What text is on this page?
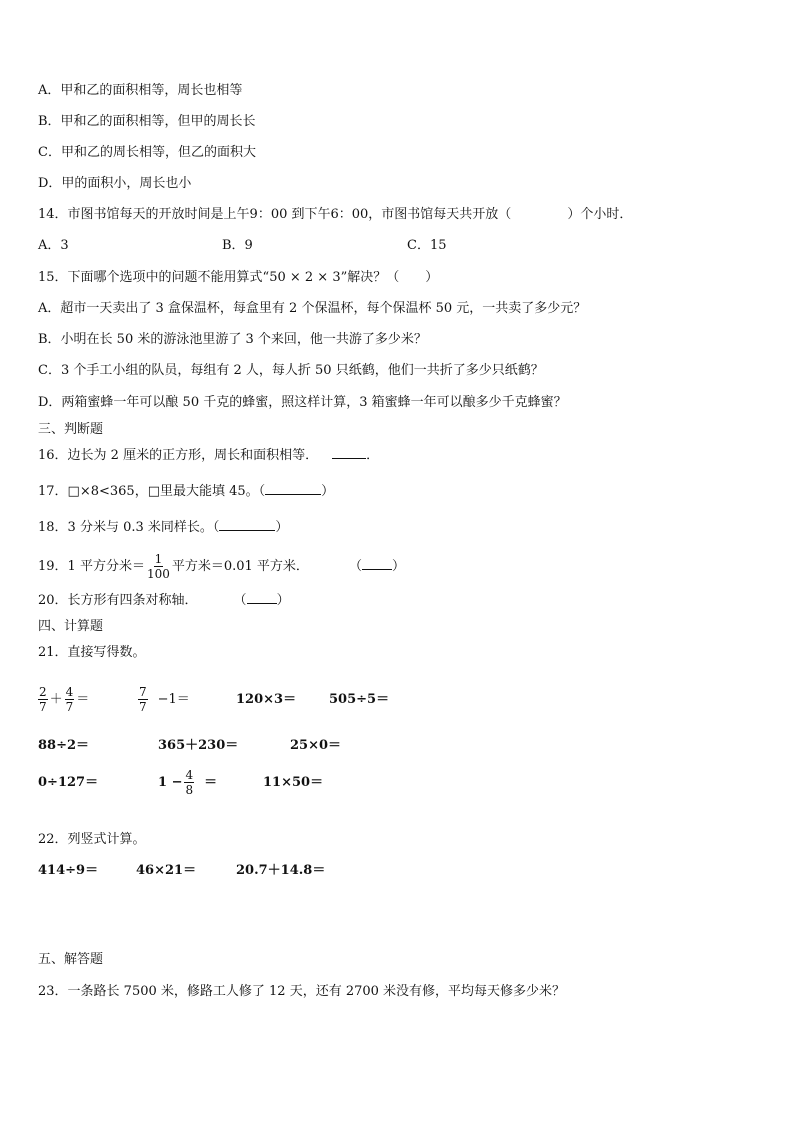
A．甲和乙的面积相等，周长也相等
B．甲和乙的面积相等，但甲的周长长
C．甲和乙的周长相等，但乙的面积大
D．甲的面积小，周长也小
14．市图书馆每天的开放时间是上午9：00 到下午6：00，市图书馆每天共开放（	）个小时．
A．3	B．9	C．15
15．下面哪个选项中的问题不能用算式“50 × 2 × 3”解决？（　　）
A．超市一天卖出了 3 盒保温杯，每盒里有 2 个保温杯，每个保温杯 50 元，一共卖了多少元？
B．小明在长 50 米的游泳池里游了 3 个来回，他一共游了多少米？
C．3 个手工小组的队员，每组有 2 人，每人折 50 只纸鹤，他们一共折了多少只纸鹤？
D．两箱蜜蜂一年可以酿 50 千克的蜂蜜，照这样计算，3 箱蜜蜂一年可以酿多少千克蜂蜜？
三、判断题
16．边长为 2 厘米的正方形，周长和面积相等．	．
17．□×8<365，□里最大能填 45。（	）
18．3 分米与 0.3 米同样长。（	）
19．1 平方分米＝ $\frac{1}{100}$ 平方米＝0.01 平方米．	（ ）
20．长方形有四条对称轴．	（ ）
四、计算题
21．直接写得数。
$\frac{2}{7} + \frac{4}{7}$ ＝	$\frac{7}{7} -1=$	120×3＝	505÷5＝
88÷2＝	365＋230＝	25×0＝
0÷127＝	$1 - \frac{4}{8}$ ＝	11×50＝
22．列竖式计算。
414÷9＝	46×21＝	20.7＋14.8＝
五、解答题
23．一条路长 7500 米，修路工人修了 12 天，还有 2700 米没有修，平均每天修多少米？
